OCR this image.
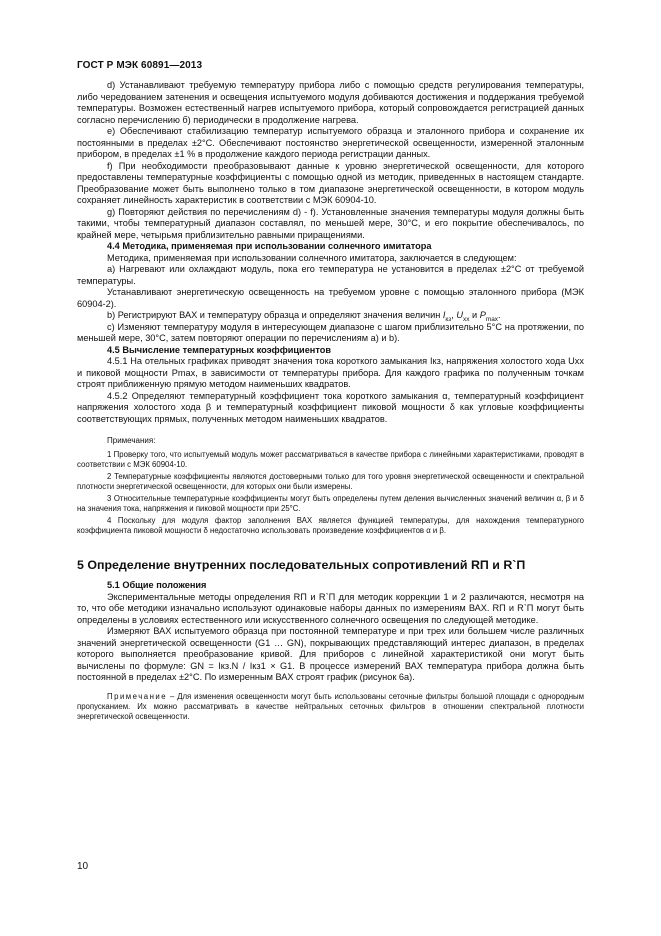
ГОСТ Р МЭК 60891—2013

d) Устанавливают требуемую температуру прибора либо с помощью средств регулирования температуры, либо чередованием затенения и освещения испытуемого модуля добиваются достижения и поддержания требуемой температуры. Возможен естественный нагрев испытуемого прибора, который сопровождается регистрацией данных согласно перечислению б) периодически в продолжение нагрева.

е) Обеспечивают стабилизацию температур испытуемого образца и эталонного прибора и сохранение их постоянными в пределах ±2°С. Обеспечивают постоянство энергетической освещенности, измеренной эталонным прибором, в пределах ±1 % в продолжение каждого периода регистрации данных.

f) При необходимости преобразовывают данные к уровню энергетической освещенности, для которого предоставлены температурные коэффициенты с помощью одной из методик, приведенных в настоящем стандарте. Преобразование может быть выполнено только в том диапазоне энергетической освещенности, в котором модуль сохраняет линейность характеристик в соответствии с МЭК 60904-10.

g) Повторяют действия по перечислениям d) - f). Установленные значения температуры модуля должны быть такими, чтобы температурный диапазон составлял, по меньшей мере, 30°С, и его покрытие обеспечивалось, по крайней мере, четырьмя приблизительно равными приращениями.

4.4 Методика, применяемая при использовании солнечного имитатора

Методика, применяемая при использовании солнечного имитатора, заключается в следующем:

а) Нагревают или охлаждают модуль, пока его температура не установится в пределах ±2°С от требуемой температуры.

Устанавливают энергетическую освещенность на требуемом уровне с помощью эталонного прибора (МЭК 60904-2).

b) Регистрируют ВАХ и температуру образца и определяют значения величин $I_{кз}$, $U_{хх}$ и $P_{max}$.

с) Изменяют температуру модуля в интересующем диапазоне с шагом приблизительно 5°С на протяжении, по меньшей мере, 30°С, затем повторяют операции по перечислениям а) и b).

4.5 Вычисление температурных коэффициентов

4.5.1 На отельных графиках приводят значения тока короткого замыкания Iкз, напряжения холостого хода Uхх и пиковой мощности Pmax, в зависимости от температуры прибора. Для каждого графика по полученным точкам строят приближенную прямую методом наименьших квадратов.

4.5.2 Определяют температурный коэффициент тока короткого замыкания α, температурный коэффициент напряжения холостого хода β и температурный коэффициент пиковой мощности δ как угловые коэффициенты соответствующих прямых, полученных методом наименьших квадратов.

Примечания:

1 Проверку того, что испытуемый модуль может рассматриваться в качестве прибора с линейными характеристиками, проводят в соответствии с МЭК 60904-10.

2 Температурные коэффициенты являются достоверными только для того уровня энергетической освещенности и спектральной плотности энергетической освещенности, для которых они были измерены.

3 Относительные температурные коэффициенты могут быть определены путем деления вычисленных значений величин α, β и δ на значения тока, напряжения и пиковой мощности при 25°С.

4 Поскольку для модуля фактор заполнения ВАХ является функцией температуры, для нахождения температурного коэффициента пиковой мощности δ недостаточно использовать произведение коэффициентов α и β.

5 Определение внутренних последовательных сопротивлений RП и R`П

5.1 Общие положения

Экспериментальные методы определения RП и R`П для методик коррекции 1 и 2 различаются, несмотря на то, что обе методики изначально используют одинаковые наборы данных по измерениям ВАХ. RП и R`П могут быть определены в условиях естественного или искусственного солнечного освещения по следующей методике.

Измеряют ВАХ испытуемого образца при постоянной температуре и при трех или большем числе различных значений энергетической освещенности (G1 … GN), покрывающих представляющий интерес диапазон, в пределах которого выполняется преобразование кривой. Для приборов с линейной характеристикой они могут быть вычислены по формуле: GN = Iкз.N / Iкз1 × G1. В процессе измерений ВАХ температура прибора должна быть постоянной в пределах ±2°С. По измеренным ВАХ строят график (рисунок 6а).

Примечание – Для изменения освещенности могут быть использованы сеточные фильтры большой площади с однородным пропусканием. Их можно рассматривать в качестве нейтральных сеточных фильтров в отношении спектральной плотности энергетической освещенности.

10
